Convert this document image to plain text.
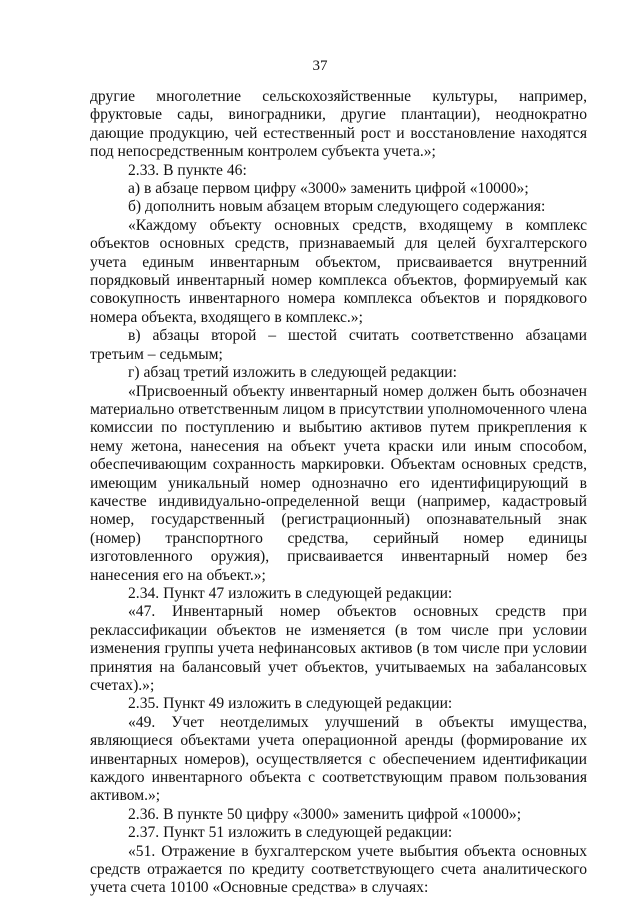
37

другие многолетние сельскохозяйственные культуры, например, фруктовые сады, виноградники, другие плантации), неоднократно дающие продукцию, чей естественный рост и восстановление находятся под непосредственным контролем субъекта учета.»;

2.33. В пункте 46:

а) в абзаце первом цифру «3000» заменить цифрой «10000»;

б) дополнить новым абзацем вторым следующего содержания:

«Каждому объекту основных средств, входящему в комплекс объектов основных средств, признаваемый для целей бухгалтерского учета единым инвентарным объектом, присваивается внутренний порядковый инвентарный номер комплекса объектов, формируемый как совокупность инвентарного номера комплекса объектов и порядкового номера объекта, входящего в комплекс.»;

в) абзацы второй – шестой считать соответственно абзацами третьим – седьмым;

г) абзац третий изложить в следующей редакции:

«Присвоенный объекту инвентарный номер должен быть обозначен материально ответственным лицом в присутствии уполномоченного члена комиссии по поступлению и выбытию активов путем прикрепления к нему жетона, нанесения на объект учета краски или иным способом, обеспечивающим сохранность маркировки. Объектам основных средств, имеющим уникальный номер однозначно его идентифицирующий в качестве индивидуально-определенной вещи (например, кадастровый номер, государственный (регистрационный) опознавательный знак (номер) транспортного средства, серийный номер единицы изготовленного оружия), присваивается инвентарный номер без нанесения его на объект.»;

2.34. Пункт 47 изложить в следующей редакции:

«47. Инвентарный номер объектов основных средств при реклассификации объектов не изменяется (в том числе при условии изменения группы учета нефинансовых активов (в том числе при условии принятия на балансовый учет объектов, учитываемых на забалансовых счетах).»;

2.35. Пункт 49 изложить в следующей редакции:

«49. Учет неотделимых улучшений в объекты имущества, являющиеся объектами учета операционной аренды (формирование их инвентарных номеров), осуществляется с обеспечением идентификации каждого инвентарного объекта с соответствующим правом пользования активом.»;

2.36. В пункте 50 цифру «3000» заменить цифрой «10000»;

2.37. Пункт 51 изложить в следующей редакции:

«51. Отражение в бухгалтерском учете выбытия объекта основных средств отражается по кредиту соответствующего счета аналитического учета счета 10100 «Основные средства» в случаях:
